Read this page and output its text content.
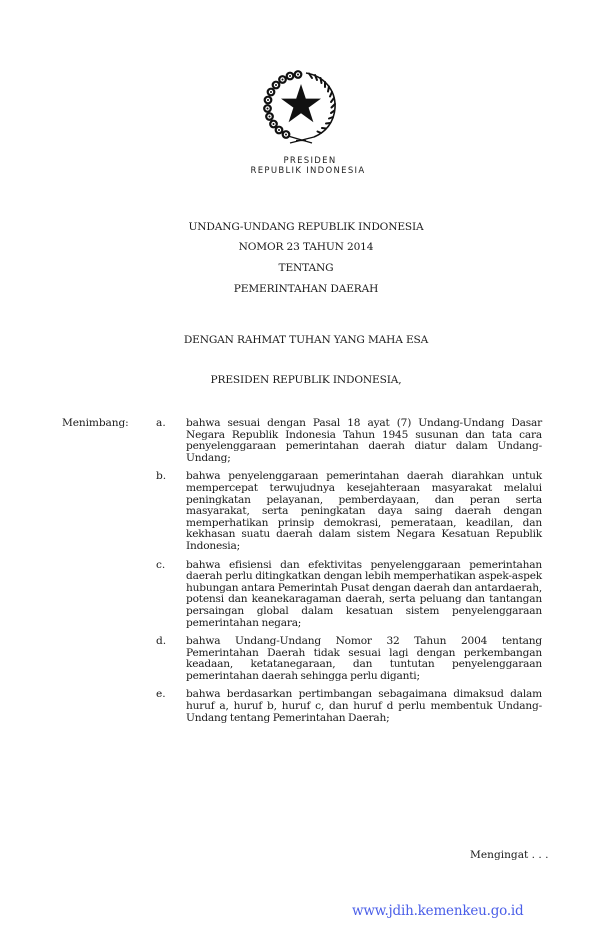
PRESIDEN
REPUBLIK INDONESIA
UNDANG-UNDANG REPUBLIK INDONESIA
NOMOR 23 TAHUN 2014
TENTANG
PEMERINTAHAN DAERAH
DENGAN RAHMAT TUHAN YANG MAHA ESA
PRESIDEN REPUBLIK INDONESIA,
Menimbang:	a. bahwa sesuai dengan Pasal 18 ayat (7) Undang-Undang Dasar Negara Republik Indonesia Tahun 1945 susunan dan tata cara penyelenggaraan pemerintahan daerah diatur dalam Undang-Undang;
b. bahwa penyelenggaraan pemerintahan daerah diarahkan untuk mempercepat terwujudnya kesejahteraan masyarakat melalui peningkatan pelayanan, pemberdayaan, dan peran serta masyarakat, serta peningkatan daya saing daerah dengan memperhatikan prinsip demokrasi, pemerataan, keadilan, dan kekhasan suatu daerah dalam sistem Negara Kesatuan Republik Indonesia;
c. bahwa efisiensi dan efektivitas penyelenggaraan pemerintahan daerah perlu ditingkatkan dengan lebih memperhatikan aspek-aspek hubungan antara Pemerintah Pusat dengan daerah dan antardaerah, potensi dan keanekaragaman daerah, serta peluang dan tantangan persaingan global dalam kesatuan sistem penyelenggaraan pemerintahan negara;
d. bahwa Undang-Undang Nomor 32 Tahun 2004 tentang Pemerintahan Daerah tidak sesuai lagi dengan perkembangan keadaan, ketatanegaraan, dan tuntutan penyelenggaraan pemerintahan daerah sehingga perlu diganti;
e. bahwa berdasarkan pertimbangan sebagaimana dimaksud dalam huruf a, huruf b, huruf c, dan huruf d perlu membentuk Undang-Undang tentang Pemerintahan Daerah;
Mengingat . . .
www.jdih.kemenkeu.go.id
